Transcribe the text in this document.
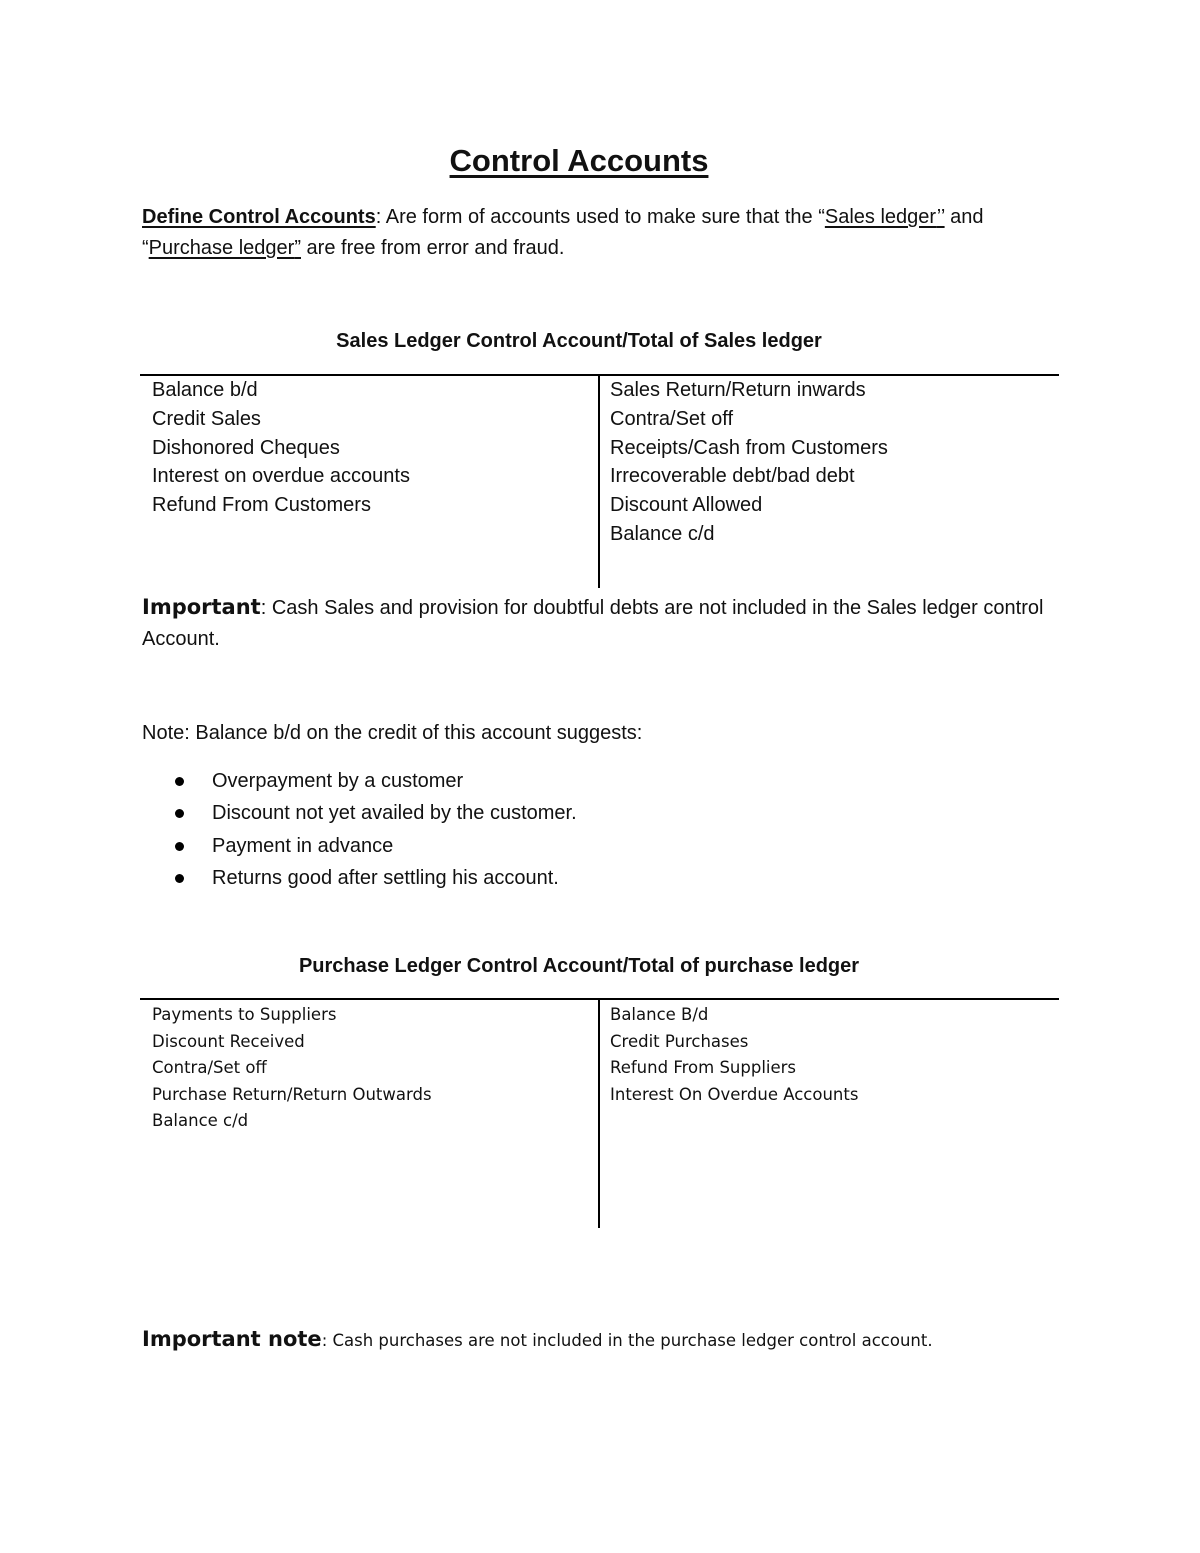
Control Accounts
Define Control Accounts: Are form of accounts used to make sure that the “Sales ledger’’ and
“Purchase ledger” are free from error and fraud.
Sales Ledger Control Account/Total of Sales ledger
Balance b/d
Credit Sales
Dishonored Cheques
Interest on overdue accounts
Refund From Customers
Sales Return/Return inwards
Contra/Set off
Receipts/Cash from Customers
Irrecoverable debt/bad debt
Discount Allowed
Balance c/d
Important: Cash Sales and provision for doubtful debts are not included in the Sales ledger control Account.
Note: Balance b/d on the credit of this account suggests:
Overpayment by a customer
Discount not yet availed by the customer.
Payment in advance
Returns good after settling his account.
Purchase Ledger Control Account/Total of purchase ledger
Payments to Suppliers
Discount Received
Contra/Set off
Purchase Return/Return Outwards
Balance c/d
Balance B/d
Credit Purchases
Refund From Suppliers
Interest On Overdue Accounts
Important note: Cash purchases are not included in the purchase ledger control account.
